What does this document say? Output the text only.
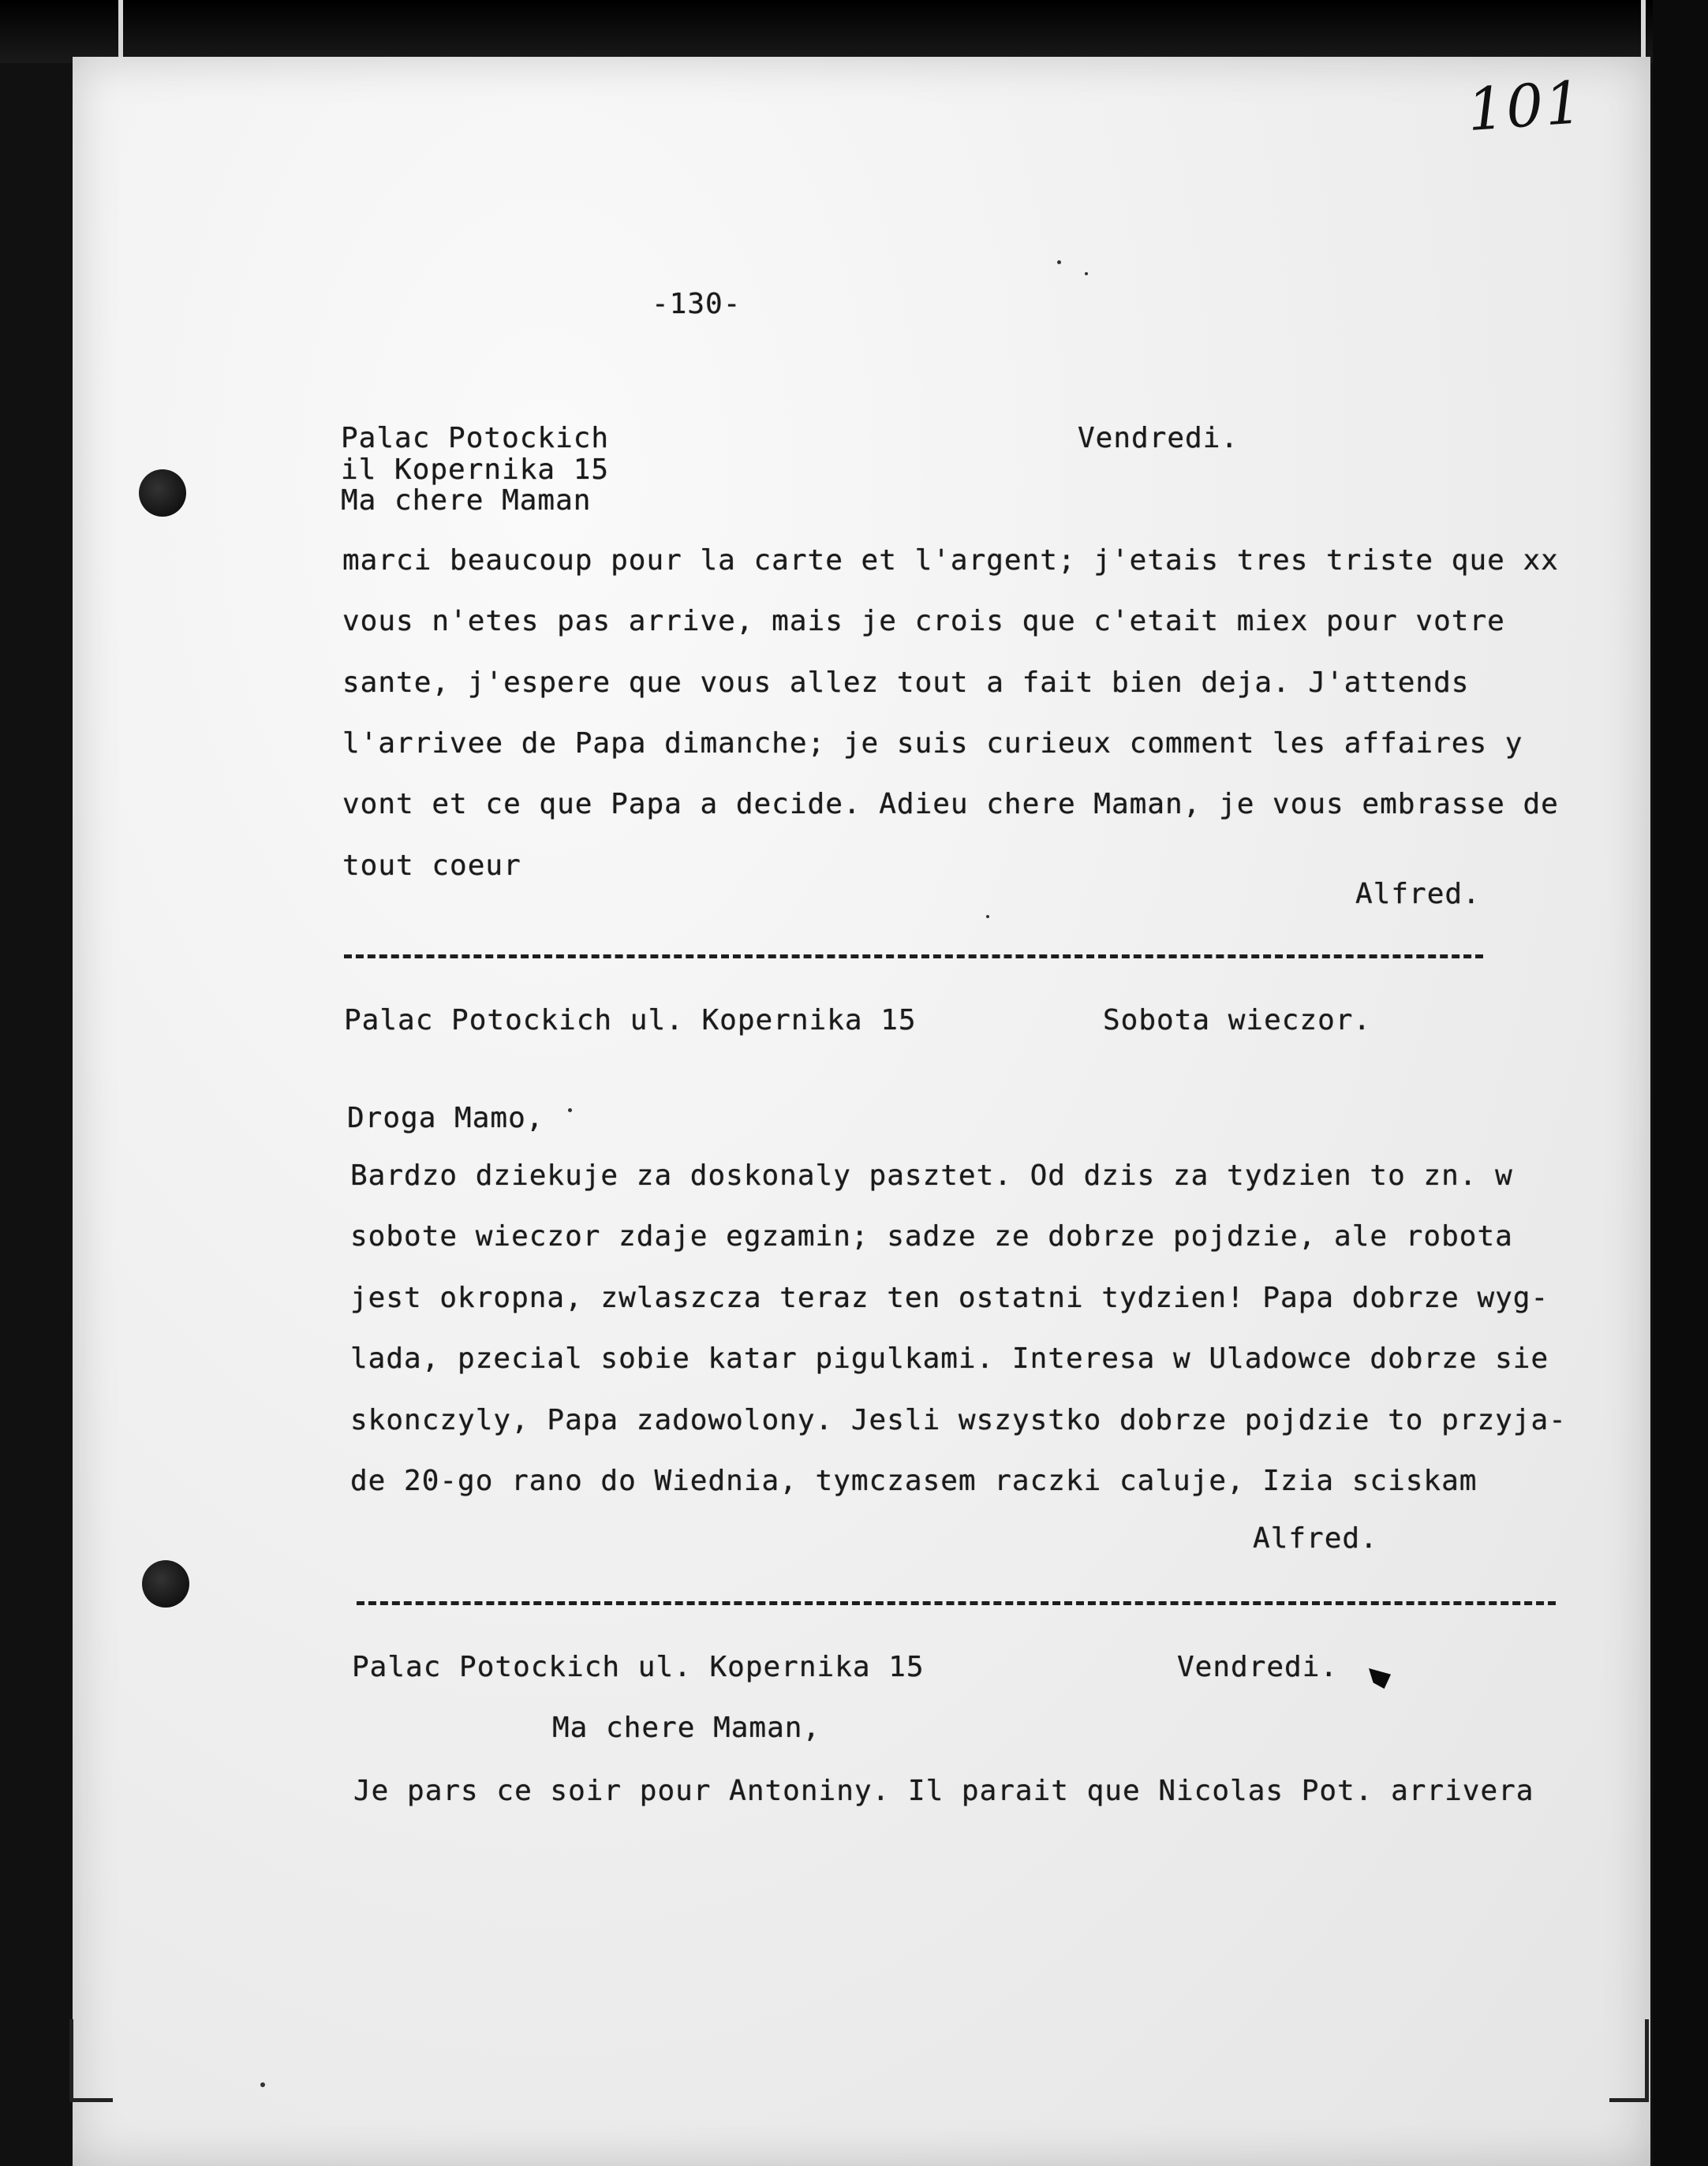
101
-130-
Palac Potockich	Vendredi.
il Kopernika 15
Ma chere Maman
marci beaucoup pour la carte et l'argent; j'etais tres triste que xx
vous n'etes pas arrive, mais je crois que c'etait miex pour votre
sante, j'espere que vous allez tout a fait bien deja. J'attends
l'arrivee de Papa dimanche; je suis curieux comment les affaires y
vont et ce que Papa a decide. Adieu chere Maman, je vous embrasse de
tout coeur
Alfred.
Palac Potockich ul. Kopernika 15	Sobota wieczor.
Droga Mamo,
Bardzo dziekuje za doskonaly pasztet. Od dzis za tydzien to zn. w
sobote wieczor zdaje egzamin; sadze ze dobrze pojdzie, ale robota
jest okropna, zwlaszcza teraz ten ostatni tydzien! Papa dobrze wyg-
lada, pzecial sobie katar pigulkami. Interesa w Uladowce dobrze sie
skonczyly, Papa zadowolony. Jesli wszystko dobrze pojdzie to przyja-
de 20-go rano do Wiednia, tymczasem raczki caluje, Izia sciskam
Alfred.
Palac Potockich ul. Kopernika 15	Vendredi.
Ma chere Maman,
Je pars ce soir pour Antoniny. Il parait que Nicolas Pot. arrivera
